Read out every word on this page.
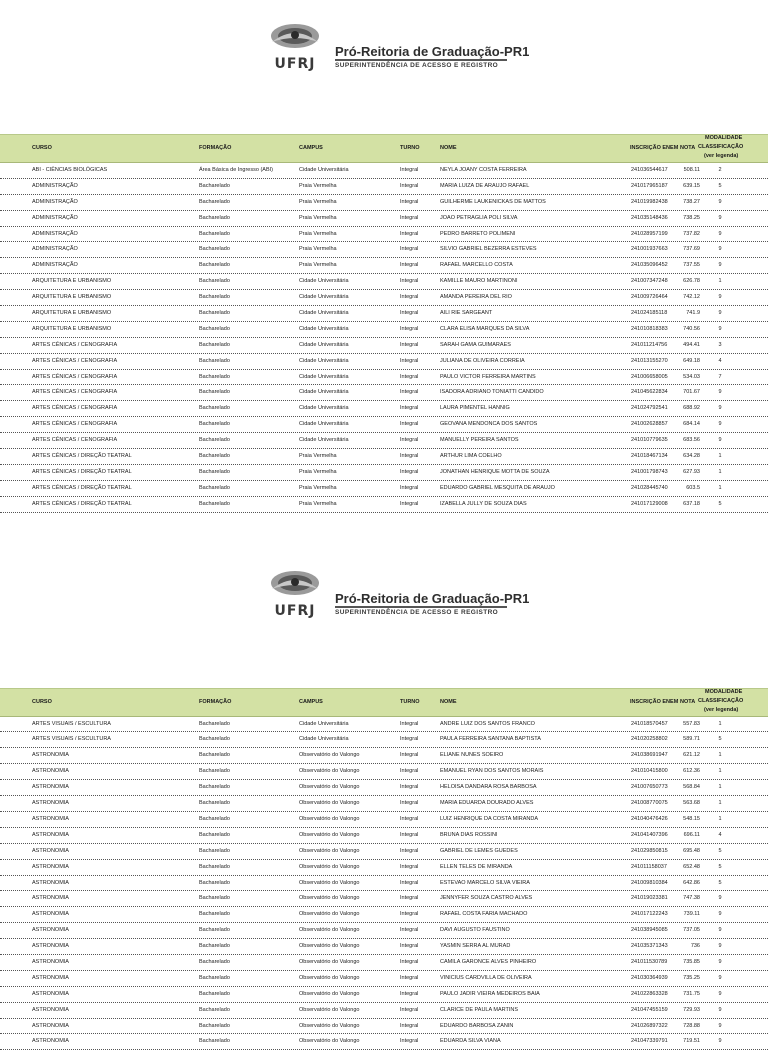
UFRJ
Pró-Reitoria de Graduação-PR1
SUPERINTENDÊNCIA DE ACESSO E REGISTRO
CURSO	FORMAÇÃO	CAMPUS	TURNO	NOME	INSCRIÇÃO ENEM NOTA
MODALIDADE
CLASSIFICAÇÃO
(ver legenda)
ABI - CIÊNCIAS BIOLÓGICAS	Área Básica de Ingresso (ABI)	Cidade Universitária	Integral	NEYLA JOANY COSTA FERREIRA	241036544617	508.11	2
ADMINISTRAÇÃO	Bacharelado	Praia Vermelha	Integral	MARIA LUIZA DE ARAUJO RAFAEL	241017965187	639.15	5
ADMINISTRAÇÃO	Bacharelado	Praia Vermelha	Integral	GUILHERME LAUKENICKAS DE MATTOS	241019982438	738.27	9
ADMINISTRAÇÃO	Bacharelado	Praia Vermelha	Integral	JOAO PETRAGLIA POLI SILVA	241035148436	738.25	9
ADMINISTRAÇÃO	Bacharelado	Praia Vermelha	Integral	PEDRO BARRETO POLIMENI	241028957199	737.82	9
ADMINISTRAÇÃO	Bacharelado	Praia Vermelha	Integral	SILVIO GABRIEL BEZERRA ESTEVES	241001937663	737.69	9
ADMINISTRAÇÃO	Bacharelado	Praia Vermelha	Integral	RAFAEL MARCELLO COSTA	241035096452	737.55	9
ARQUITETURA E URBANISMO	Bacharelado	Cidade Universitária	Integral	KAMILLE MAURO MARTINONI	241007347248	626.78	1
ARQUITETURA E URBANISMO	Bacharelado	Cidade Universitária	Integral	AMANDA PEREIRA DEL RIO	241009726464	742.12	9
ARQUITETURA E URBANISMO	Bacharelado	Cidade Universitária	Integral	AILI RIE SARGEANT	241024185118	741.9	9
ARQUITETURA E URBANISMO	Bacharelado	Cidade Universitária	Integral	CLARA ELISA MARQUES DA SILVA	241010818383	740.56	9
ARTES CÊNICAS / CENOGRAFIA	Bacharelado	Cidade Universitária	Integral	SARAH GAMA GUIMARAES	241011214756	494.41	3
ARTES CÊNICAS / CENOGRAFIA	Bacharelado	Cidade Universitária	Integral	JULIANA DE OLIVEIRA CORREIA	241013155270	649.18	4
ARTES CÊNICAS / CENOGRAFIA	Bacharelado	Cidade Universitária	Integral	PAULO VICTOR FERREIRA MARTINS	241006658005	534.03	7
ARTES CÊNICAS / CENOGRAFIA	Bacharelado	Cidade Universitária	Integral	ISADORA ADRIANO TONIATTI CANDIDO	241045622834	701.67	9
ARTES CÊNICAS / CENOGRAFIA	Bacharelado	Cidade Universitária	Integral	LAURA PIMENTEL HANNIG	241024792541	688.92	9
ARTES CÊNICAS / CENOGRAFIA	Bacharelado	Cidade Universitária	Integral	GEOVANA MENDONCA DOS SANTOS	241002628857	684.14	9
ARTES CÊNICAS / CENOGRAFIA	Bacharelado	Cidade Universitária	Integral	MANUELLY PEREIRA SANTOS	241010779635	683.56	9
ARTES CÊNICAS / DIREÇÃO TEATRAL	Bacharelado	Praia Vermelha	Integral	ARTHUR LIMA COELHO	241018467134	634.28	1
ARTES CÊNICAS / DIREÇÃO TEATRAL	Bacharelado	Praia Vermelha	Integral	JONATHAN HENRIQUE MOTTA DE SOUZA	241001798743	627.93	1
ARTES CÊNICAS / DIREÇÃO TEATRAL	Bacharelado	Praia Vermelha	Integral	EDUARDO GABRIEL MESQUITA DE ARAUJO	241028445740	603.5	1
ARTES CÊNICAS / DIREÇÃO TEATRAL	Bacharelado	Praia Vermelha	Integral	IZABELLA JULLY DE SOUZA DIAS	241017129008	637.18	5
UFRJ
Pró-Reitoria de Graduação-PR1
SUPERINTENDÊNCIA DE ACESSO E REGISTRO
CURSO	FORMAÇÃO	CAMPUS	TURNO	NOME	INSCRIÇÃO ENEM NOTA
MODALIDADE
CLASSIFICAÇÃO
(ver legenda)
ARTES VISUAIS / ESCULTURA	Bacharelado	Cidade Universitária	Integral	ANDRE LUIZ DOS SANTOS FRANCO	241018570457	557.83	1
ARTES VISUAIS / ESCULTURA	Bacharelado	Cidade Universitária	Integral	PAULA FERREIRA SANTANA BAPTISTA	241020258802	589.71	5
ASTRONOMIA	Bacharelado	Observatório do Valongo	Integral	ELIANE NUNES SOEIRO	241038691947	621.12	1
ASTRONOMIA	Bacharelado	Observatório do Valongo	Integral	EMANUEL RYAN DOS SANTOS MORAIS	241010415800	612.36	1
ASTRONOMIA	Bacharelado	Observatório do Valongo	Integral	HELOISA DANDARA ROSA BARBOSA	241007650773	568.84	1
ASTRONOMIA	Bacharelado	Observatório do Valongo	Integral	MARIA EDUARDA DOURADO ALVES	241008770075	563.68	1
ASTRONOMIA	Bacharelado	Observatório do Valongo	Integral	LUIZ HENRIQUE DA COSTA MIRANDA	241040476426	548.15	1
ASTRONOMIA	Bacharelado	Observatório do Valongo	Integral	BRUNA DIAS ROSSINI	241041407396	696.11	4
ASTRONOMIA	Bacharelado	Observatório do Valongo	Integral	GABRIEL DE LEMES GUEDES	241029850815	695.48	5
ASTRONOMIA	Bacharelado	Observatório do Valongo	Integral	ELLEN TELES DE MIRANDA	241011158037	652.48	5
ASTRONOMIA	Bacharelado	Observatório do Valongo	Integral	ESTEVAO MARCELO SILVA VIEIRA	241009810384	642.86	5
ASTRONOMIA	Bacharelado	Observatório do Valongo	Integral	JENNYFER SOUZA CASTRO ALVES	241019023381	747.38	9
ASTRONOMIA	Bacharelado	Observatório do Valongo	Integral	RAFAEL COSTA FARIA MACHADO	241017122243	739.11	9
ASTRONOMIA	Bacharelado	Observatório do Valongo	Integral	DAVI AUGUSTO FAUSTINO	241038945085	737.05	9
ASTRONOMIA	Bacharelado	Observatório do Valongo	Integral	YASMIN SERRA AL MURAD	241035371343	736	9
ASTRONOMIA	Bacharelado	Observatório do Valongo	Integral	CAMILA GARONCE ALVES PINHEIRO	241011530789	735.85	9
ASTRONOMIA	Bacharelado	Observatório do Valongo	Integral	VINICIUS CARDVILLA DE OLIVEIRA	241030364939	735.25	9
ASTRONOMIA	Bacharelado	Observatório do Valongo	Integral	PAULO JADIR VIEIRA MEDEIROS BAIA	241022863328	731.75	9
ASTRONOMIA	Bacharelado	Observatório do Valongo	Integral	CLARICE DE PAULA MARTINS	241047455159	729.93	9
ASTRONOMIA	Bacharelado	Observatório do Valongo	Integral	EDUARDO BARBOSA ZANIN	241026897322	728.88	9
ASTRONOMIA	Bacharelado	Observatório do Valongo	Integral	EDUARDA SILVA VIANA	241047339791	719.51	9
